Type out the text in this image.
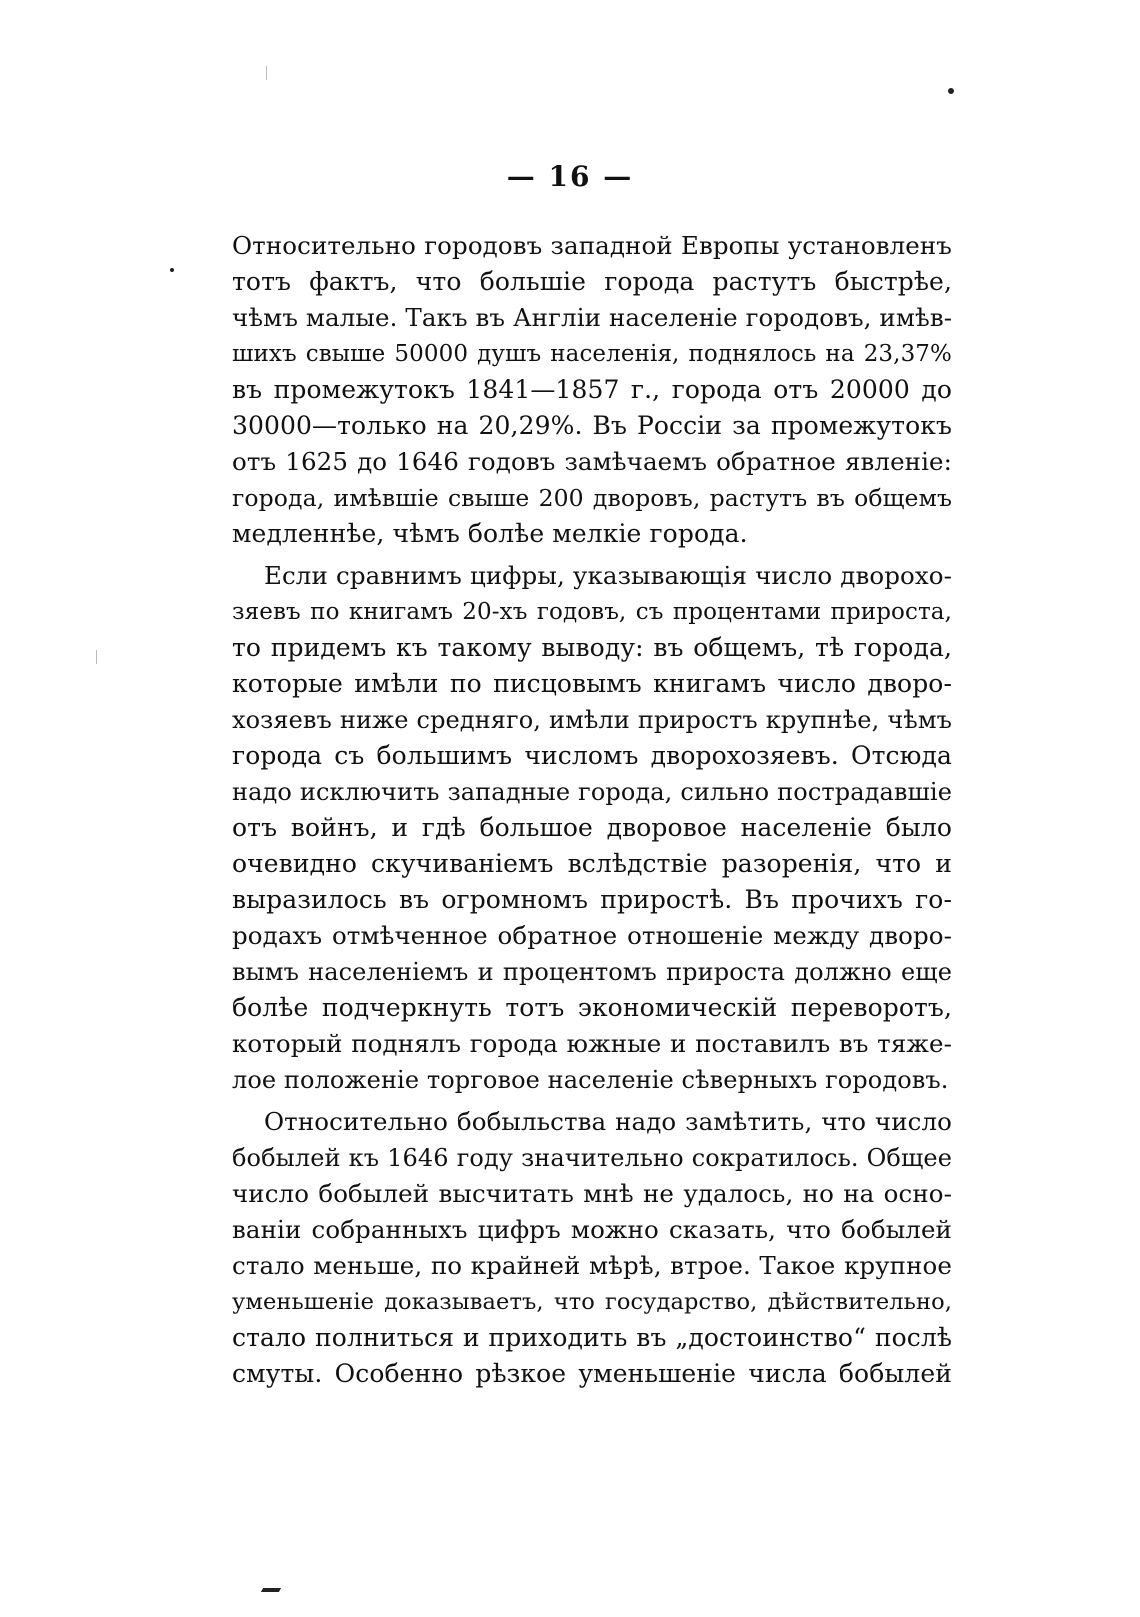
— 16 —
Относительно городовъ западной Европы установленъ
тотъ фактъ, что большіе города растутъ быстрѣе,
чѣмъ малые. Такъ въ Англіи населеніе городовъ, имѣв-
шихъ свыше 50000 душъ населенія, поднялось на 23,37%
въ промежутокъ 1841—1857 г., города отъ 20000 до
30000—только на 20,29%. Въ Россіи за промежутокъ
отъ 1625 до 1646 годовъ замѣчаемъ обратное явленіе:
города, имѣвшіе свыше 200 дворовъ, растутъ въ общемъ
медленнѣе, чѣмъ болѣе мелкіе города.
Если сравнимъ цифры, указывающія число дворохо-
зяевъ по книгамъ 20-хъ годовъ, съ процентами прироста,
то придемъ къ такому выводу: въ общемъ, тѣ города,
которые имѣли по писцовымъ книгамъ число дворо-
хозяевъ ниже средняго, имѣли приростъ крупнѣе, чѣмъ
города съ большимъ числомъ дворохозяевъ. Отсюда
надо исключить западные города, сильно пострадавшіе
отъ войнъ, и гдѣ большое дворовое населеніе было
очевидно скучиваніемъ вслѣдствіе разоренія, что и
выразилось въ огромномъ приростѣ. Въ прочихъ го-
родахъ отмѣченное обратное отношеніе между дворо-
вымъ населеніемъ и процентомъ прироста должно еще
болѣе подчеркнуть тотъ экономическій переворотъ,
который поднялъ города южные и поставилъ въ тяже-
лое положеніе торговое населеніе сѣверныхъ городовъ.
Относительно бобыльства надо замѣтить, что число
бобылей къ 1646 году значительно сократилось. Общее
число бобылей высчитать мнѣ не удалось, но на осно-
ваніи собранныхъ цифръ можно сказать, что бобылей
стало меньше, по крайней мѣрѣ, втрое. Такое крупное
уменьшеніе доказываетъ, что государство, дѣйствительно,
стало полниться и приходить въ „достоинство“ послѣ
смуты. Особенно рѣзкое уменьшеніе числа бобылей
